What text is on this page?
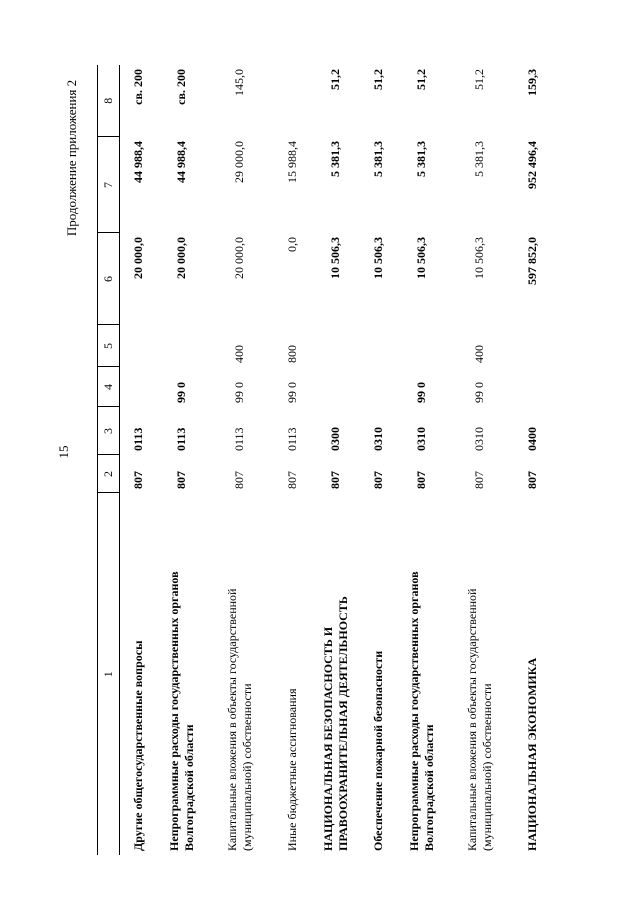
15
Продолжение приложения 2
1	2	3	4	5	6	7	8
Другие общегосударственные вопросы	807	0113			20 000,0	44 988,4	св. 200
Непрограммные расходы государственных органов Волгоградской области	807	0113	99 0		20 000,0	44 988,4	св. 200
Капитальные вложения в объекты государственной (муниципальной) собственности	807	0113	99 0	400	20 000,0	29 000,0	145,0
Иные бюджетные ассигнования	807	0113	99 0	800	0,0	15 988,4	
НАЦИОНАЛЬНАЯ БЕЗОПАСНОСТЬ И ПРАВООХРАНИТЕЛЬНАЯ ДЕЯТЕЛЬНОСТЬ	807	0300			10 506,3	5 381,3	51,2
Обеспечение пожарной безопасности	807	0310			10 506,3	5 381,3	51,2
Непрограммные расходы государственных органов Волгоградской области	807	0310	99 0		10 506,3	5 381,3	51,2
Капитальные вложения в объекты государственной (муниципальной) собственности	807	0310	99 0	400	10 506,3	5 381,3	51,2
НАЦИОНАЛЬНАЯ ЭКОНОМИКА	807	0400			597 852,0	952 496,4	159,3
